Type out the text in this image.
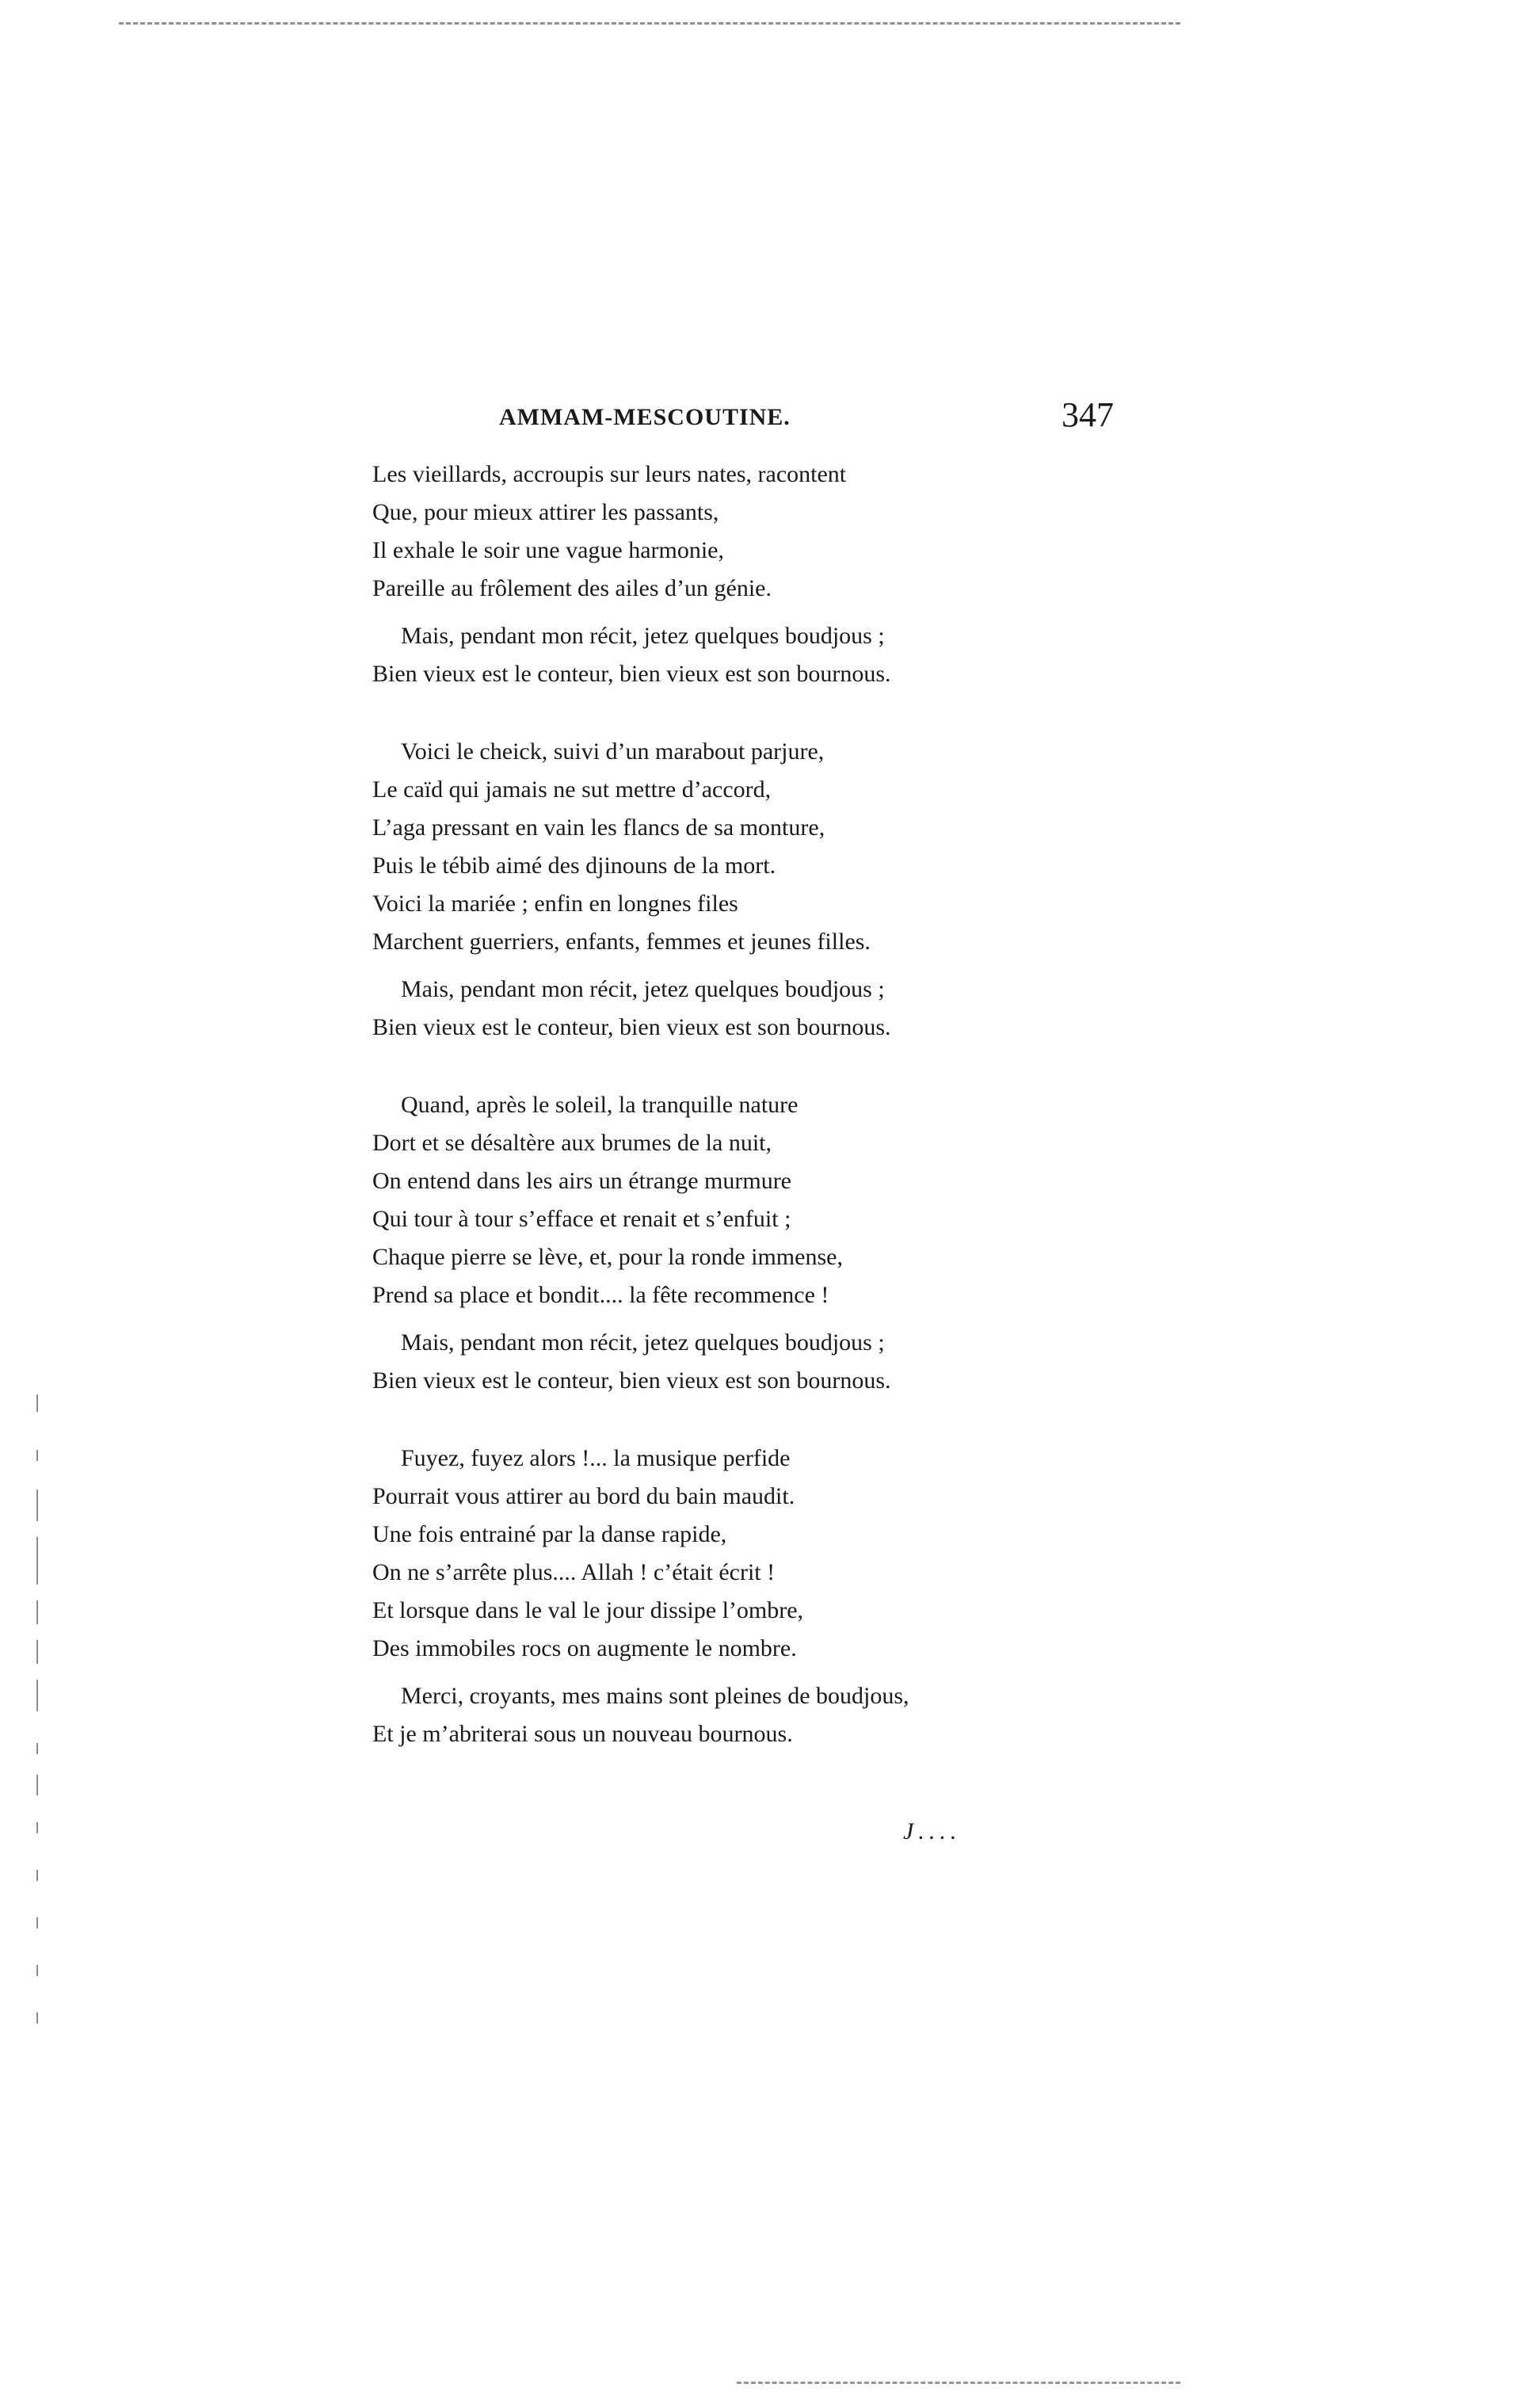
AMMAM-MESCOUTINE.	347
Les vieillards, accroupis sur leurs nates, racontent
Que, pour mieux attirer les passants,
Il exhale le soir une vague harmonie,
Pareille au frôlement des ailes d’un génie.
Mais, pendant mon récit, jetez quelques boudjous ;
Bien vieux est le conteur, bien vieux est son bournous.
Voici le cheick, suivi d’un marabout parjure,
Le caïd qui jamais ne sut mettre d’accord,
L’aga pressant en vain les flancs de sa monture,
Puis le tébib aimé des djinouns de la mort.
Voici la mariée ; enfin en longnes files
Marchent guerriers, enfants, femmes et jeunes filles.
Mais, pendant mon récit, jetez quelques boudjous ;
Bien vieux est le conteur, bien vieux est son bournous.
Quand, après le soleil, la tranquille nature
Dort et se désaltère aux brumes de la nuit,
On entend dans les airs un étrange murmure
Qui tour à tour s’efface et renait et s’enfuit ;
Chaque pierre se lève, et, pour la ronde immense,
Prend sa place et bondit.... la fête recommence !
Mais, pendant mon récit, jetez quelques boudjous ;
Bien vieux est le conteur, bien vieux est son bournous.
Fuyez, fuyez alors !... la musique perfide
Pourrait vous attirer au bord du bain maudit.
Une fois entrainé par la danse rapide,
On ne s’arrête plus.... Allah ! c’était écrit !
Et lorsque dans le val le jour dissipe l’ombre,
Des immobiles rocs on augmente le nombre.
Merci, croyants, mes mains sont pleines de boudjous,
Et je m’abriterai sous un nouveau bournous.
J....
